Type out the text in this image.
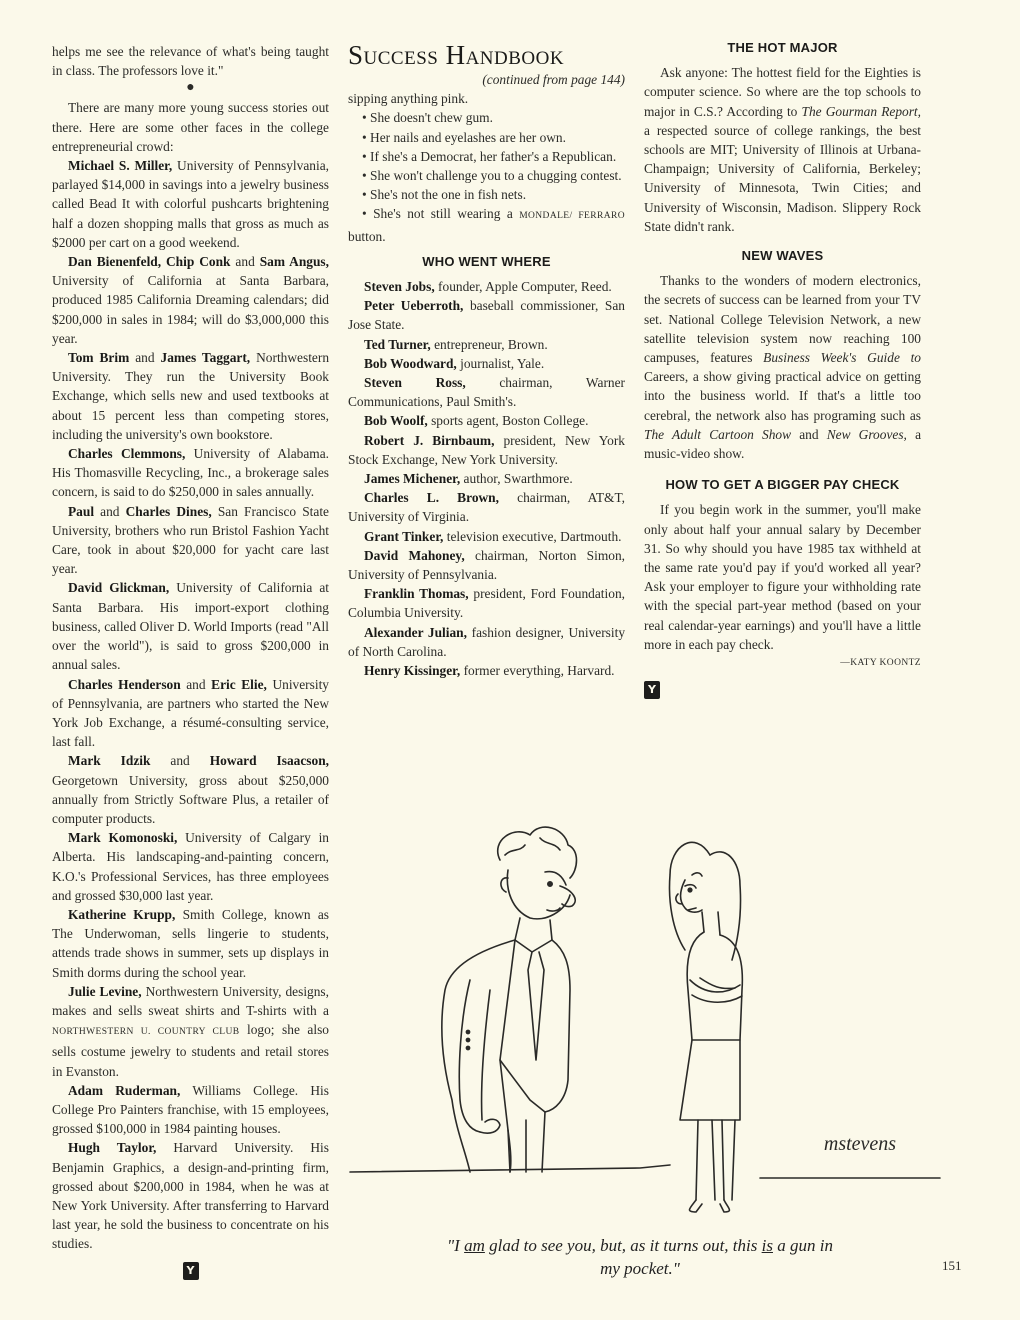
helps me see the relevance of what's being taught in class. The professors love it."

●

There are many more young success stories out there. Here are some other faces in the college entrepreneurial crowd:

Michael S. Miller, University of Pennsylvania, parlayed $14,000 in savings into a jewelry business called Bead It with colorful pushcarts brightening half a dozen shopping malls that gross as much as $2000 per cart on a good weekend.

Dan Bienenfeld, Chip Conk and Sam Angus, University of California at Santa Barbara, produced 1985 California Dreaming calendars; did $200,000 in sales in 1984; will do $3,000,000 this year.

Tom Brim and James Taggart, Northwestern University. They run the University Book Exchange, which sells new and used textbooks at about 15 percent less than competing stores, including the university's own bookstore.

Charles Clemmons, University of Alabama. His Thomasville Recycling, Inc., a brokerage sales concern, is said to do $250,000 in sales annually.

Paul and Charles Dines, San Francisco State University, brothers who run Bristol Fashion Yacht Care, took in about $20,000 for yacht care last year.

David Glickman, University of California at Santa Barbara. His import-export clothing business, called Oliver D. World Imports (read "All over the world"), is said to gross $200,000 in annual sales.

Charles Henderson and Eric Elie, University of Pennsylvania, are partners who started the New York Job Exchange, a résumé-consulting service, last fall.

Mark Idzik and Howard Isaacson, Georgetown University, gross about $250,000 annually from Strictly Software Plus, a retailer of computer products.

Mark Komonoski, University of Calgary in Alberta. His landscaping-and-painting concern, K.O.'s Professional Services, has three employees and grossed $30,000 last year.

Katherine Krupp, Smith College, known as The Underwoman, sells lingerie to students, attends trade shows in summer, sets up displays in Smith dorms during the school year.

Julie Levine, Northwestern University, designs, makes and sells sweat shirts and T-shirts with a NORTHWESTERN U. COUNTRY CLUB logo; she also sells costume jewelry to students and retail stores in Evanston.

Adam Ruderman, Williams College. His College Pro Painters franchise, with 15 employees, grossed $100,000 in 1984 painting houses.

Hugh Taylor, Harvard University. His Benjamin Graphics, a design-and-printing firm, grossed about $200,000 in 1984, when he was at New York University. After transferring to Harvard last year, he sold the business to concentrate on his studies.

Y
Success Handbook
(continued from page 144)

sipping anything pink.

• She doesn't chew gum.

• Her nails and eyelashes are her own.

• If she's a Democrat, her father's a Republican.

• She won't challenge you to a chugging contest.

• She's not the one in fish nets.

• She's not still wearing a MONDALE/ FERRARO button.

WHO WENT WHERE

Steven Jobs, founder, Apple Computer, Reed.

Peter Ueberroth, baseball commissioner, San Jose State.

Ted Turner, entrepreneur, Brown.

Bob Woodward, journalist, Yale.

Steven Ross, chairman, Warner Communications, Paul Smith's.

Bob Woolf, sports agent, Boston College.

Robert J. Birnbaum, president, New York Stock Exchange, New York University.

James Michener, author, Swarthmore.

Charles L. Brown, chairman, AT&T, University of Virginia.

Grant Tinker, television executive, Dartmouth.

David Mahoney, chairman, Norton Simon, University of Pennsylvania.

Franklin Thomas, president, Ford Foundation, Columbia University.

Alexander Julian, fashion designer, University of North Carolina.

Henry Kissinger, former everything, Harvard.

THE HOT MAJOR

Ask anyone: The hottest field for the Eighties is computer science. So where are the top schools to major in C.S.? According to The Gourman Report, a respected source of college rankings, the best schools are MIT; University of Illinois at Urbana-Champaign; University of California, Berkeley; University of Minnesota, Twin Cities; and University of Wisconsin, Madison. Slippery Rock State didn't rank.

NEW WAVES

Thanks to the wonders of modern electronics, the secrets of success can be learned from your TV set. National College Television Network, a new satellite television system now reaching 100 campuses, features Business Week's Guide to Careers, a show giving practical advice on getting into the business world. If that's a little too cerebral, the network also has programing such as The Adult Cartoon Show and New Grooves, a music-video show.

HOW TO GET A BIGGER PAY CHECK

If you begin work in the summer, you'll make only about half your annual salary by December 31. So why should you have 1985 tax withheld at the same rate you'd pay if you'd worked all year? Ask your employer to figure your withholding rate with the special part-year method (based on your real calendar-year earnings) and you'll have a little more in each pay check.

—KATY KOONTZ
Y
mstevens
"I am glad to see you, but, as it turns out, this is a gun in my pocket."	151
